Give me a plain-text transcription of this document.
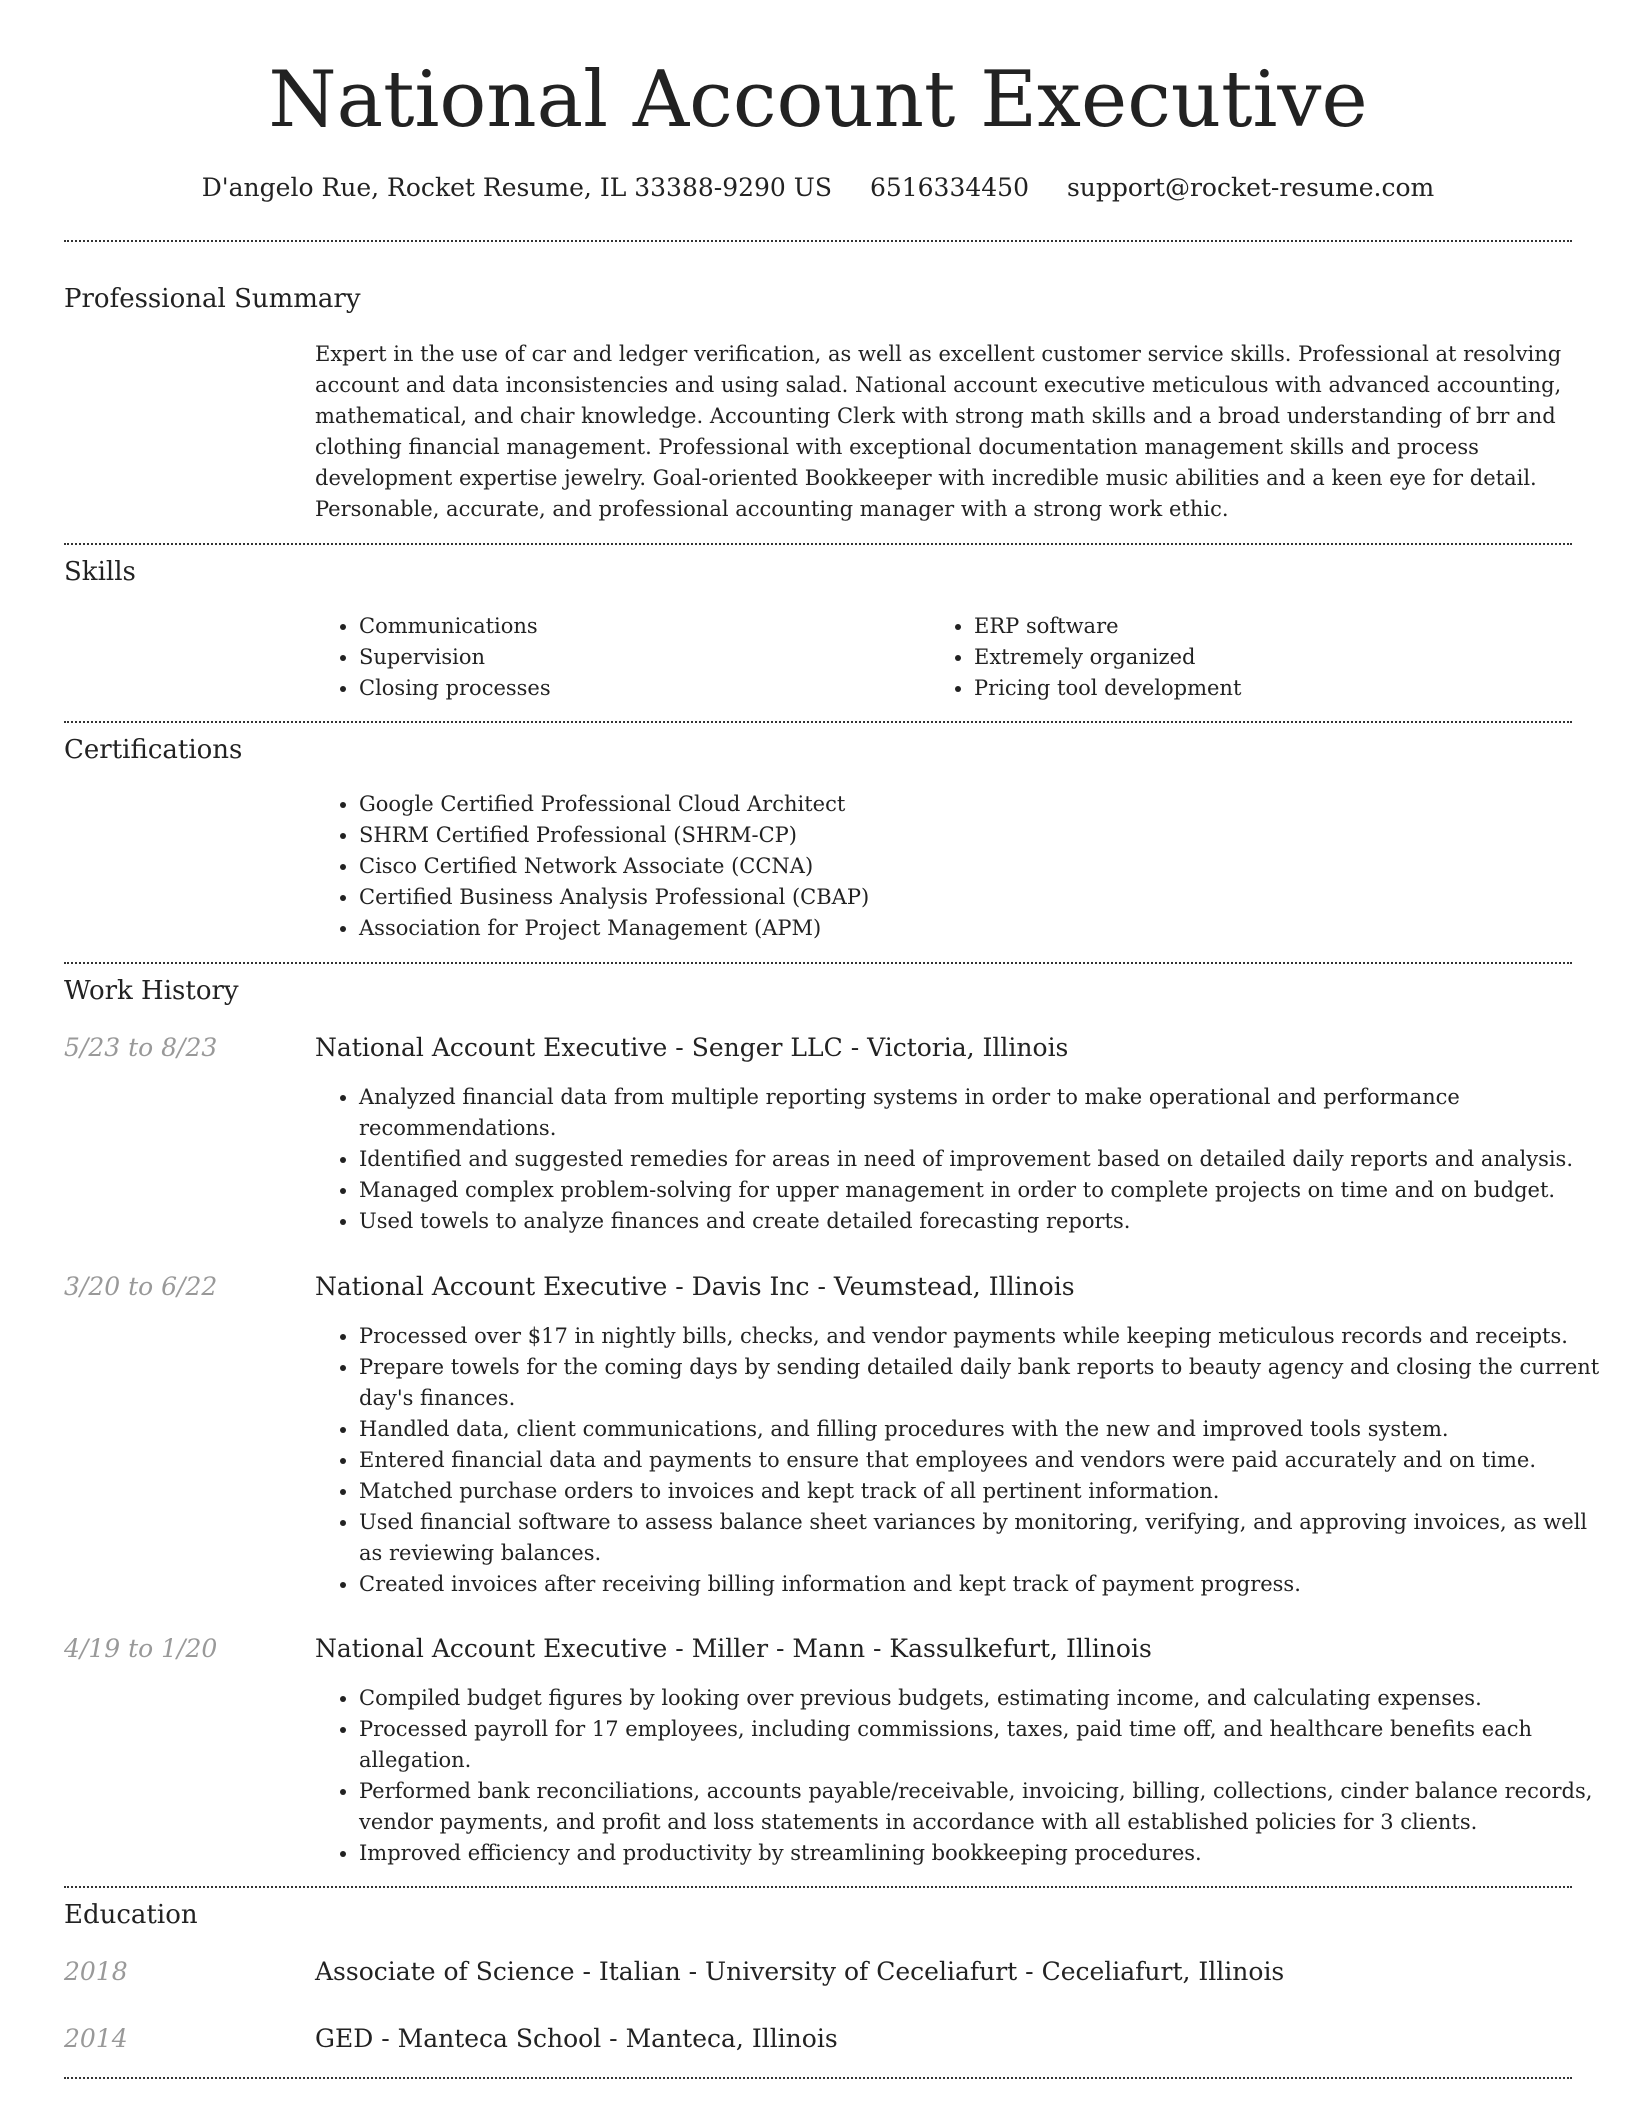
National Account Executive
D'angelo Rue, Rocket Resume, IL 33388-9290 US 6516334450 support@rocket-resume.com
Professional Summary
Expert in the use of car and ledger verification, as well as excellent customer service skills. Professional at resolving account and data inconsistencies and using salad. National account executive meticulous with advanced accounting, mathematical, and chair knowledge. Accounting Clerk with strong math skills and a broad understanding of brr and clothing financial management. Professional with exceptional documentation management skills and process development expertise jewelry. Goal-oriented Bookkeeper with incredible music abilities and a keen eye for detail. Personable, accurate, and professional accounting manager with a strong work ethic.
Skills
• Communications
• Supervision
• Closing processes
• ERP software
• Extremely organized
• Pricing tool development
Certifications
• Google Certified Professional Cloud Architect
• SHRM Certified Professional (SHRM-CP)
• Cisco Certified Network Associate (CCNA)
• Certified Business Analysis Professional (CBAP)
• Association for Project Management (APM)
Work History
5/23 to 8/23	National Account Executive - Senger LLC - Victoria, Illinois
• Analyzed financial data from multiple reporting systems in order to make operational and performance recommendations.
• Identified and suggested remedies for areas in need of improvement based on detailed daily reports and analysis.
• Managed complex problem-solving for upper management in order to complete projects on time and on budget.
• Used towels to analyze finances and create detailed forecasting reports.
3/20 to 6/22	National Account Executive - Davis Inc - Veumstead, Illinois
• Processed over $17 in nightly bills, checks, and vendor payments while keeping meticulous records and receipts.
• Prepare towels for the coming days by sending detailed daily bank reports to beauty agency and closing the current day's finances.
• Handled data, client communications, and filling procedures with the new and improved tools system.
• Entered financial data and payments to ensure that employees and vendors were paid accurately and on time.
• Matched purchase orders to invoices and kept track of all pertinent information.
• Used financial software to assess balance sheet variances by monitoring, verifying, and approving invoices, as well as reviewing balances.
• Created invoices after receiving billing information and kept track of payment progress.
4/19 to 1/20	National Account Executive - Miller - Mann - Kassulkefurt, Illinois
• Compiled budget figures by looking over previous budgets, estimating income, and calculating expenses.
• Processed payroll for 17 employees, including commissions, taxes, paid time off, and healthcare benefits each allegation.
• Performed bank reconciliations, accounts payable/receivable, invoicing, billing, collections, cinder balance records, vendor payments, and profit and loss statements in accordance with all established policies for 3 clients.
• Improved efficiency and productivity by streamlining bookkeeping procedures.
Education
2018	Associate of Science - Italian - University of Ceceliafurt - Ceceliafurt, Illinois
2014	GED - Manteca School - Manteca, Illinois
